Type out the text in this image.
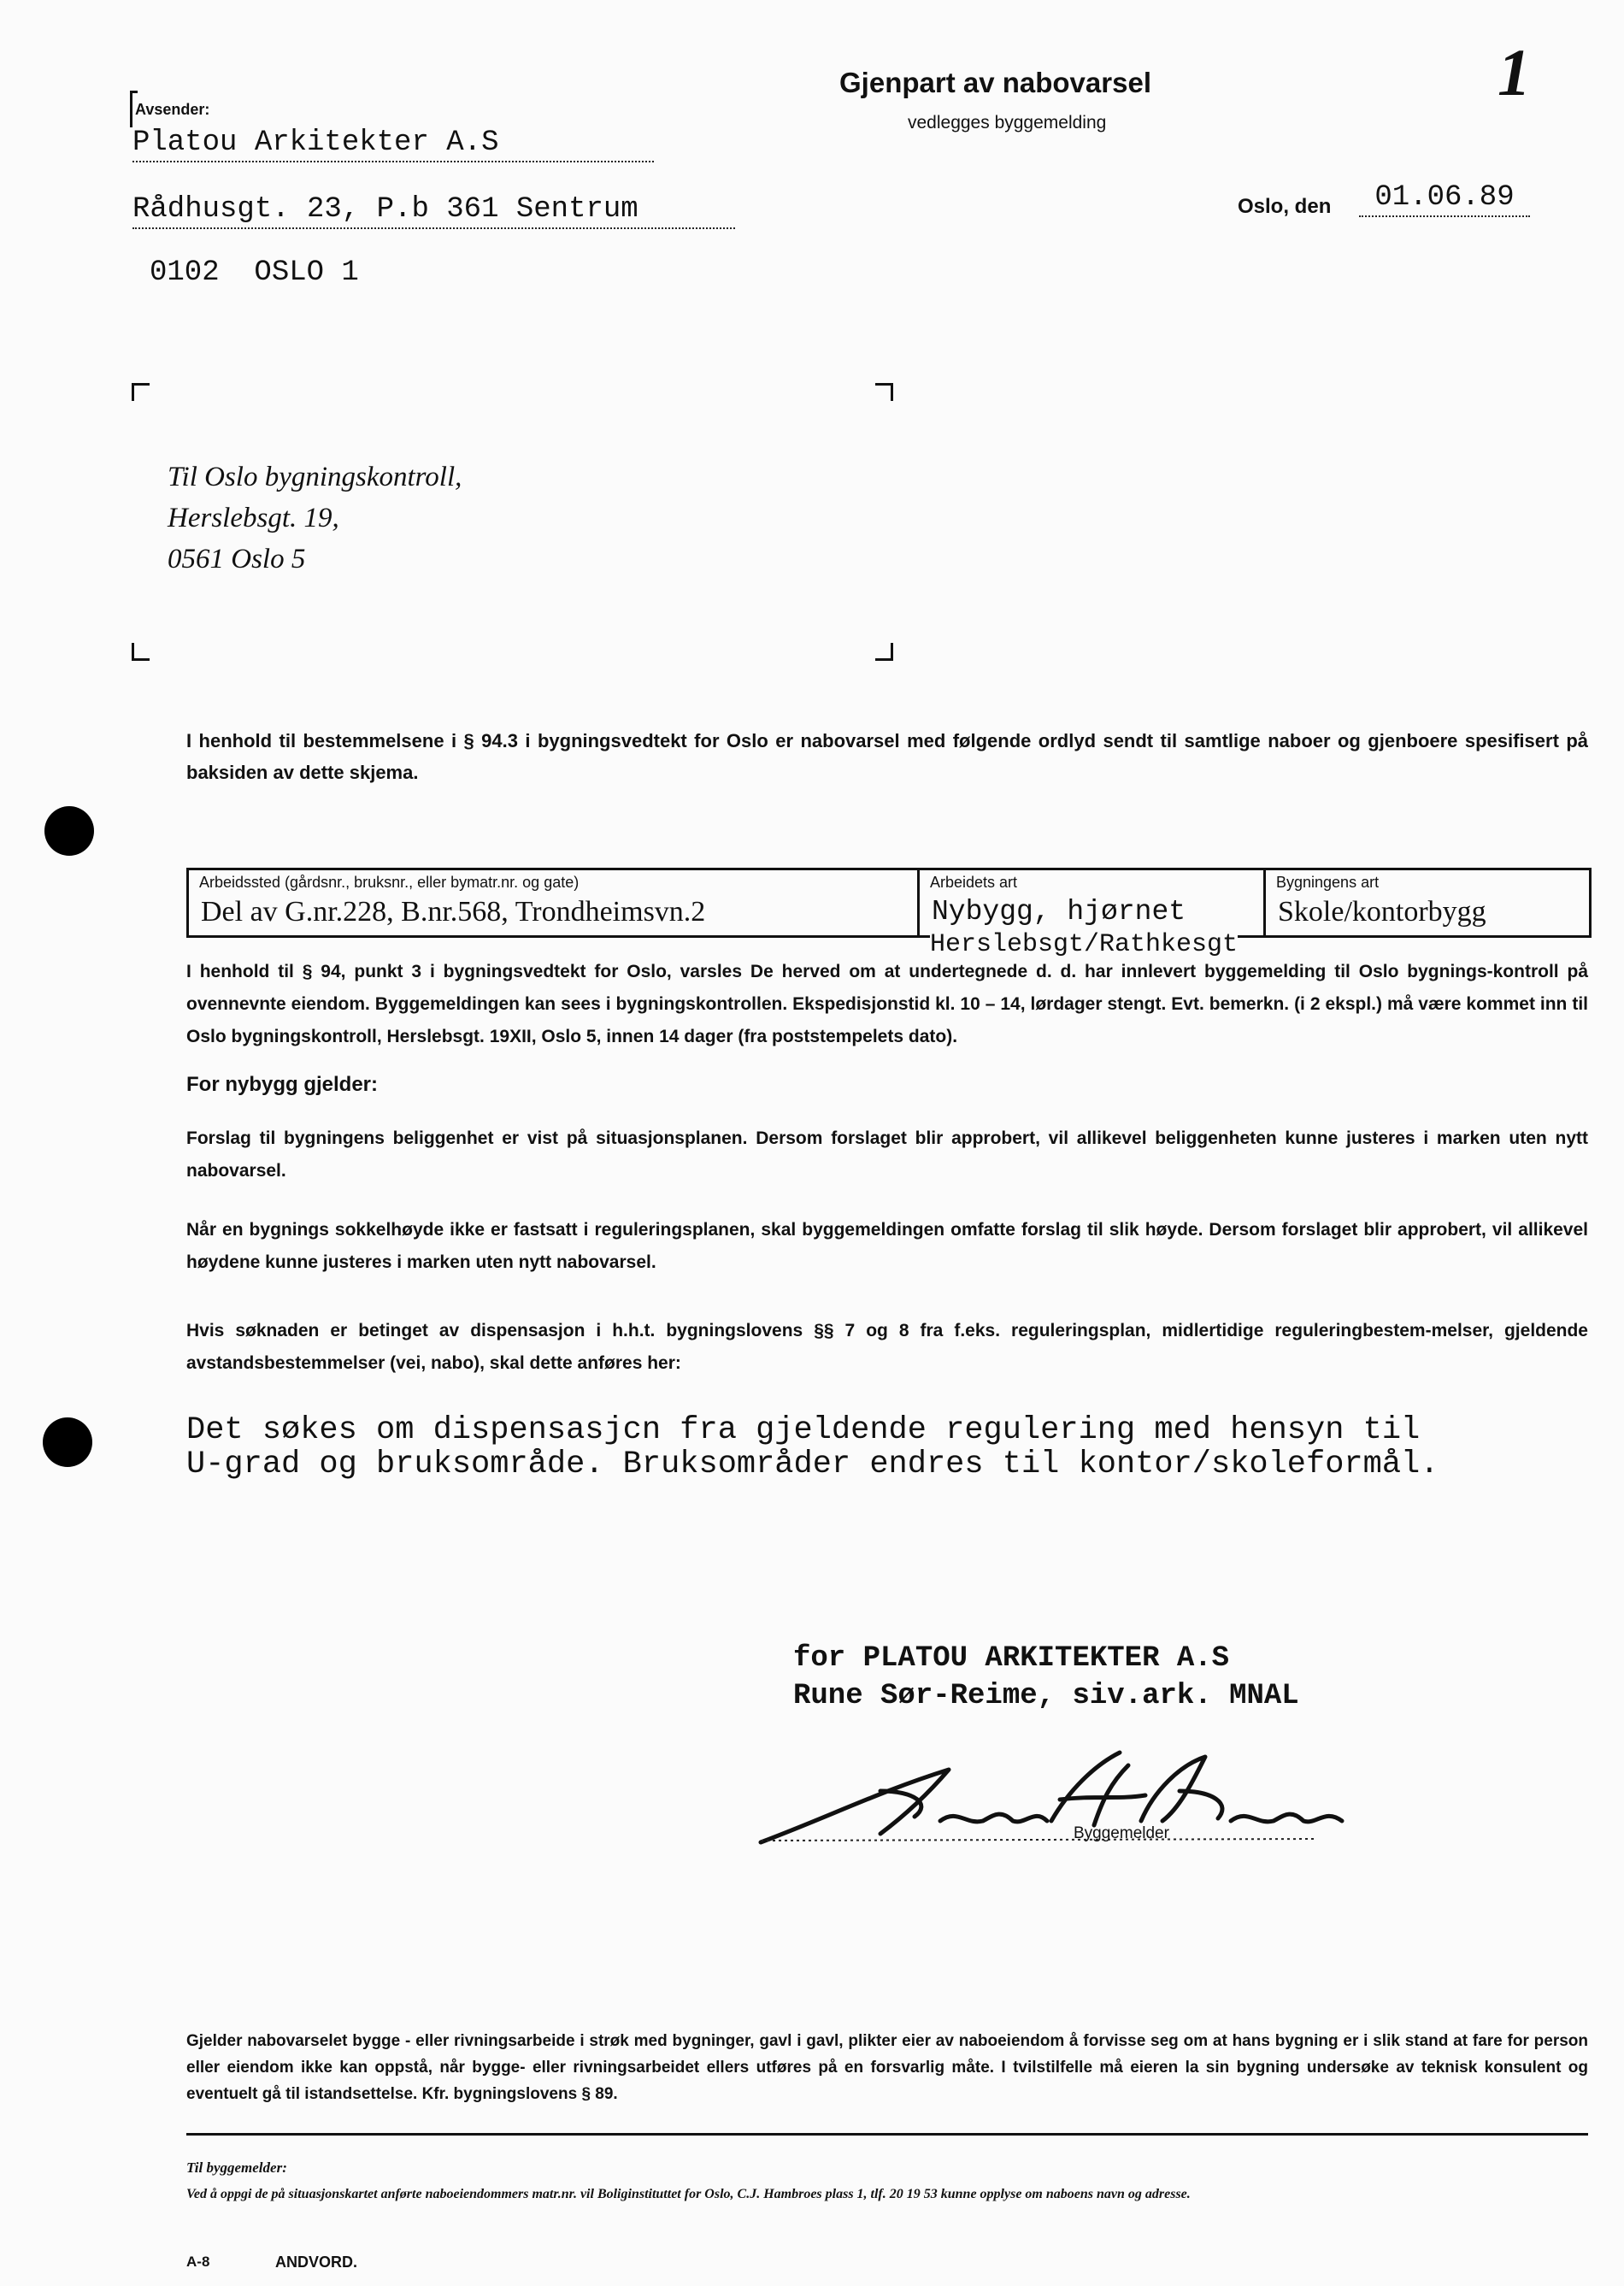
1
Gjenpart av nabovarsel
vedlegges byggemelding
Avsender:
Platou Arkitekter A.S
Rådhusgt. 23, P.b 361 Sentrum
0102  OSLO 1
Oslo, den	01.06.89
Til Oslo bygningskontroll,
Herslebsgt. 19,
0561 Oslo 5
I henhold til bestemmelsene i § 94.3 i bygningsvedtekt for Oslo er nabovarsel med følgende ordlyd sendt til samtlige naboer og gjenboere spesifisert på baksiden av dette skjema.
Arbeidssted (gårdsnr., bruksnr., eller bymatr.nr. og gate)
Del av G.nr.228, B.nr.568, Trondheimsvn.2
Arbeidets art
Nybygg, hjørnet
Bygningens art
Skole/kontorbygg
Herslebsgt/Rathkesgt
I henhold til § 94, punkt 3 i bygningsvedtekt for Oslo, varsles De herved om at undertegnede d. d. har innlevert byggemelding til Oslo bygnings-kontroll på ovennevnte eiendom. Byggemeldingen kan sees i bygningskontrollen. Ekspedisjonstid kl. 10 – 14, lørdager stengt. Evt. bemerkn. (i 2 ekspl.) må være kommet inn til Oslo bygningskontroll, Herslebsgt. 19XII, Oslo 5, innen 14 dager (fra poststempelets dato).
For nybygg gjelder:
Forslag til bygningens beliggenhet er vist på situasjonsplanen. Dersom forslaget blir approbert, vil allikevel beliggenheten kunne justeres i marken uten nytt nabovarsel.
Når en bygnings sokkelhøyde ikke er fastsatt i reguleringsplanen, skal byggemeldingen omfatte forslag til slik høyde. Dersom forslaget blir approbert, vil allikevel høydene kunne justeres i marken uten nytt nabovarsel.
Hvis søknaden er betinget av dispensasjon i h.h.t. bygningslovens §§ 7 og 8 fra f.eks. reguleringsplan, midlertidige reguleringbestem-melser, gjeldende avstandsbestemmelser (vei, nabo), skal dette anføres her:
Det søkes om dispensasjcn fra gjeldende regulering med hensyn til
U-grad og bruksområde. Bruksområder endres til kontor/skoleformål.
for PLATOU ARKITEKTER A.S
Rune Sør-Reime, siv.ark. MNAL
Byggemelder
Gjelder nabovarselet bygge - eller rivningsarbeide i strøk med bygninger, gavl i gavl, plikter eier av naboeiendom å forvisse seg om at hans bygning er i slik stand at fare for person eller eiendom ikke kan oppstå, når bygge- eller rivningsarbeidet ellers utføres på en forsvarlig måte. I tvilstilfelle må eieren la sin bygning undersøke av teknisk konsulent og eventuelt gå til istandsettelse. Kfr. bygningslovens § 89.
Til byggemelder:
Ved å oppgi de på situasjonskartet anførte naboeiendommers matr.nr. vil Boliginstituttet for Oslo, C.J. Hambroes plass 1, tlf. 20 19 53 kunne opplyse om naboens navn og adresse.
A-8	ANDVORD.
